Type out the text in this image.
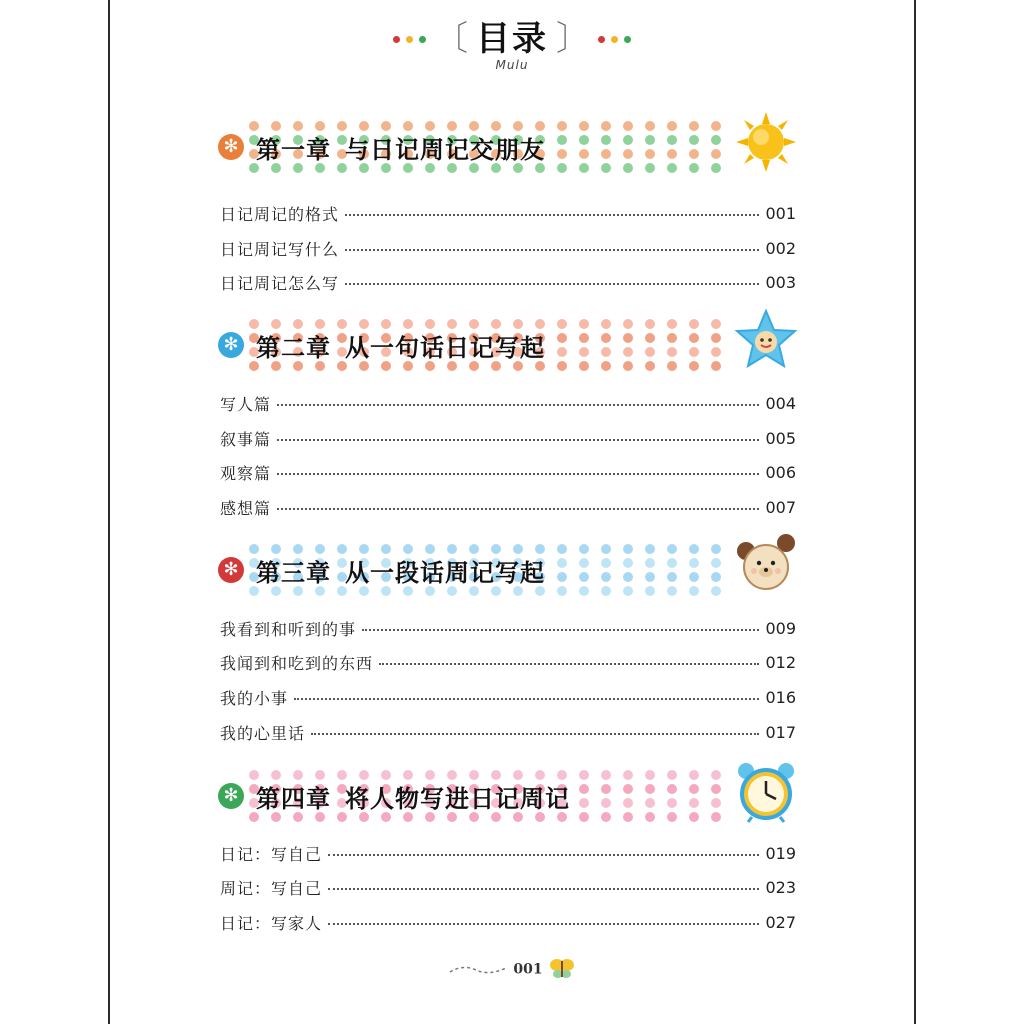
〔 目录 〕
Mulu
✻ 第一章 与日记周记交朋友
日记周记的格式	001
日记周记写什么	002
日记周记怎么写	003
✻ 第二章 从一句话日记写起
写人篇	004
叙事篇	005
观察篇	006
感想篇	007
✻ 第三章 从一段话周记写起
我看到和听到的事	009
我闻到和吃到的东西	012
我的小事	016
我的心里话	017
✻ 第四章 将人物写进日记周记
日记：写自己	019
周记：写自己	023
日记：写家人	027
001
